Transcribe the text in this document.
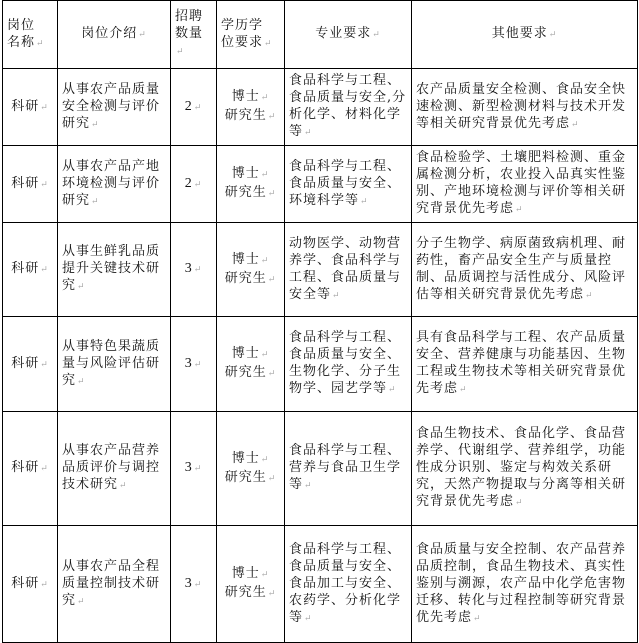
岗位
名称↵	岗位介绍↵	招聘
数量↵	学历学
位要求↵	专业要求↵	其他要求↵
科研↵	从事农产品质量安全检测与评价研究↵	2↵	博士↵
研究生↵	食品科学与工程、食品质量与安全,分析化学、材料化学等↵	农产品质量安全检测、食品安全快速检测、新型检测材料与技术开发等相关研究背景优先考虑↵
科研↵	从事农产品产地环境检测与评价研究↵	2↵	博士↵
研究生↵	食品科学与工程、食品质量与安全、环境科学等↵	食品检验学、土壤肥料检测、重金属检测分析，农业投入品真实性鉴别、产地环境检测与评价等相关研究背景优先考虑↵
科研↵	从事生鲜乳品质提升关键技术研究↵	3↵	博士↵
研究生↵	动物医学、动物营养学、食品科学与工程、食品质量与安全等↵	分子生物学、病原菌致病机理、耐药性，畜产品安全生产与质量控制、品质调控与活性成分、风险评估等相关研究背景优先考虑↵
科研↵	从事特色果蔬质量与风险评估研究↵	3↵	博士↵
研究生↵	食品科学与工程、食品质量与安全、生物化学、分子生物学、园艺学等↵	具有食品科学与工程、农产品质量安全、营养健康与功能基因、生物工程或生物技术等相关研究背景优先考虑↵
科研↵	从事农产品营养品质评价与调控技术研究↵	3↵	博士↵
研究生↵	食品科学与工程、营养与食品卫生学等↵	食品生物技术、食品化学、食品营养学、代谢组学、营养组学，功能性成分识别、鉴定与构效关系研究，天然产物提取与分离等相关研究背景优先考虑↵
科研↵	从事农产品全程质量控制技术研究↵	3↵	博士↵
研究生↵	食品科学与工程、食品质量与安全、食品加工与安全、农药学、分析化学等↵	食品质量与安全控制、农产品营养品质控制，食品生物技术、真实性鉴别与溯源，农产品中化学危害物迁移、转化与过程控制等研究背景优先考虑↵
